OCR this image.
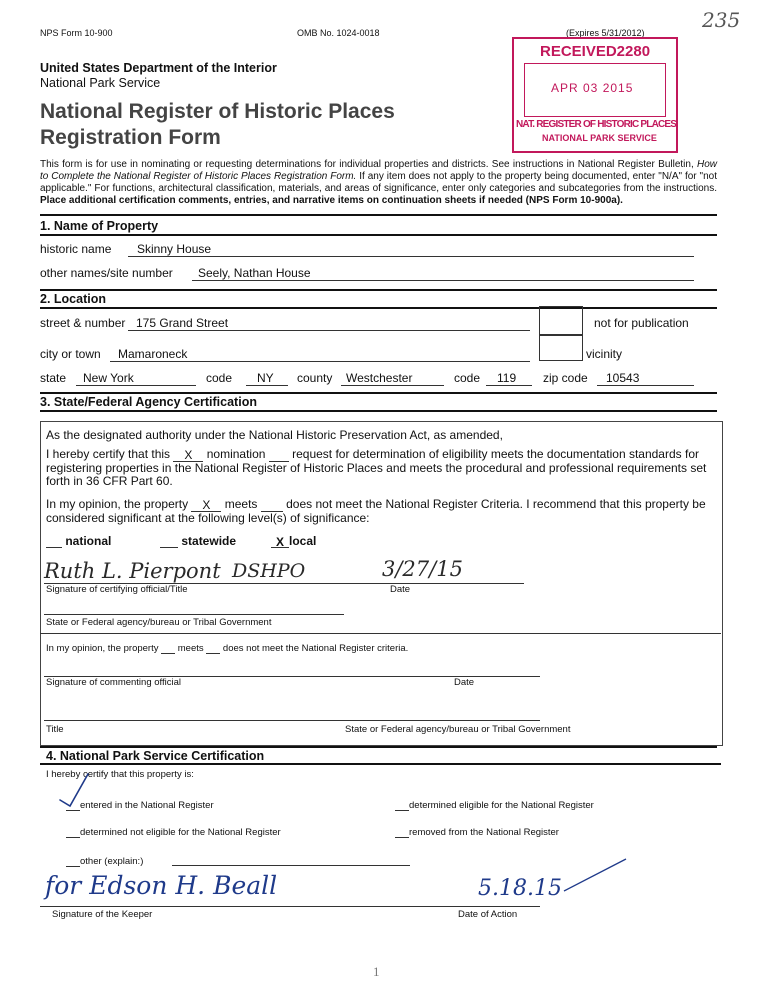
NPS Form 10-900	OMB No. 1024-0018	(Expires 5/31/2012)
235
United States Department of the Interior
National Park Service
National Register of Historic Places
Registration Form
RECEIVED2280
APR 03 2015
NAT. REGISTER OF HISTORIC PLACES
NATIONAL PARK SERVICE
This form is for use in nominating or requesting determinations for individual properties and districts. See instructions in National Register Bulletin, How to Complete the National Register of Historic Places Registration Form. If any item does not apply to the property being documented, enter "N/A" for "not applicable." For functions, architectural classification, materials, and areas of significance, enter only categories and subcategories from the instructions. Place additional certification comments, entries, and narrative items on continuation sheets if needed (NPS Form 10-900a).
1. Name of Property
historic name Skinny House
other names/site number Seely, Nathan House
2. Location
street & number 175 Grand Street	not for publication
city or town Mamaroneck	vicinity
state New York	code NY county Westchester	code 119 zip code 10543
3. State/Federal Agency Certification
As the designated authority under the National Historic Preservation Act, as amended,
I hereby certify that this X nomination  request for determination of eligibility meets the documentation standards for registering properties in the National Register of Historic Places and meets the procedural and professional requirements set forth in 36 CFR Part 60.
In my opinion, the property X meets  does not meet the National Register Criteria. I recommend that this property be considered significant at the following level(s) of significance:
national	statewide	X local
Ruth L. Pierpont DSHPO	3/27/15
Signature of certifying official/Title	Date
State or Federal agency/bureau or Tribal Government
In my opinion, the property  meets  does not meet the National Register criteria.
Signature of commenting official	Date
Title	State or Federal agency/bureau or Tribal Government
4. National Park Service Certification
I hereby certify that this property is:
entered in the National Register	determined eligible for the National Register
determined not eligible for the National Register	removed from the National Register
other (explain:)
for Edson H. Beall	5.18.15
Signature of the Keeper	Date of Action
1
